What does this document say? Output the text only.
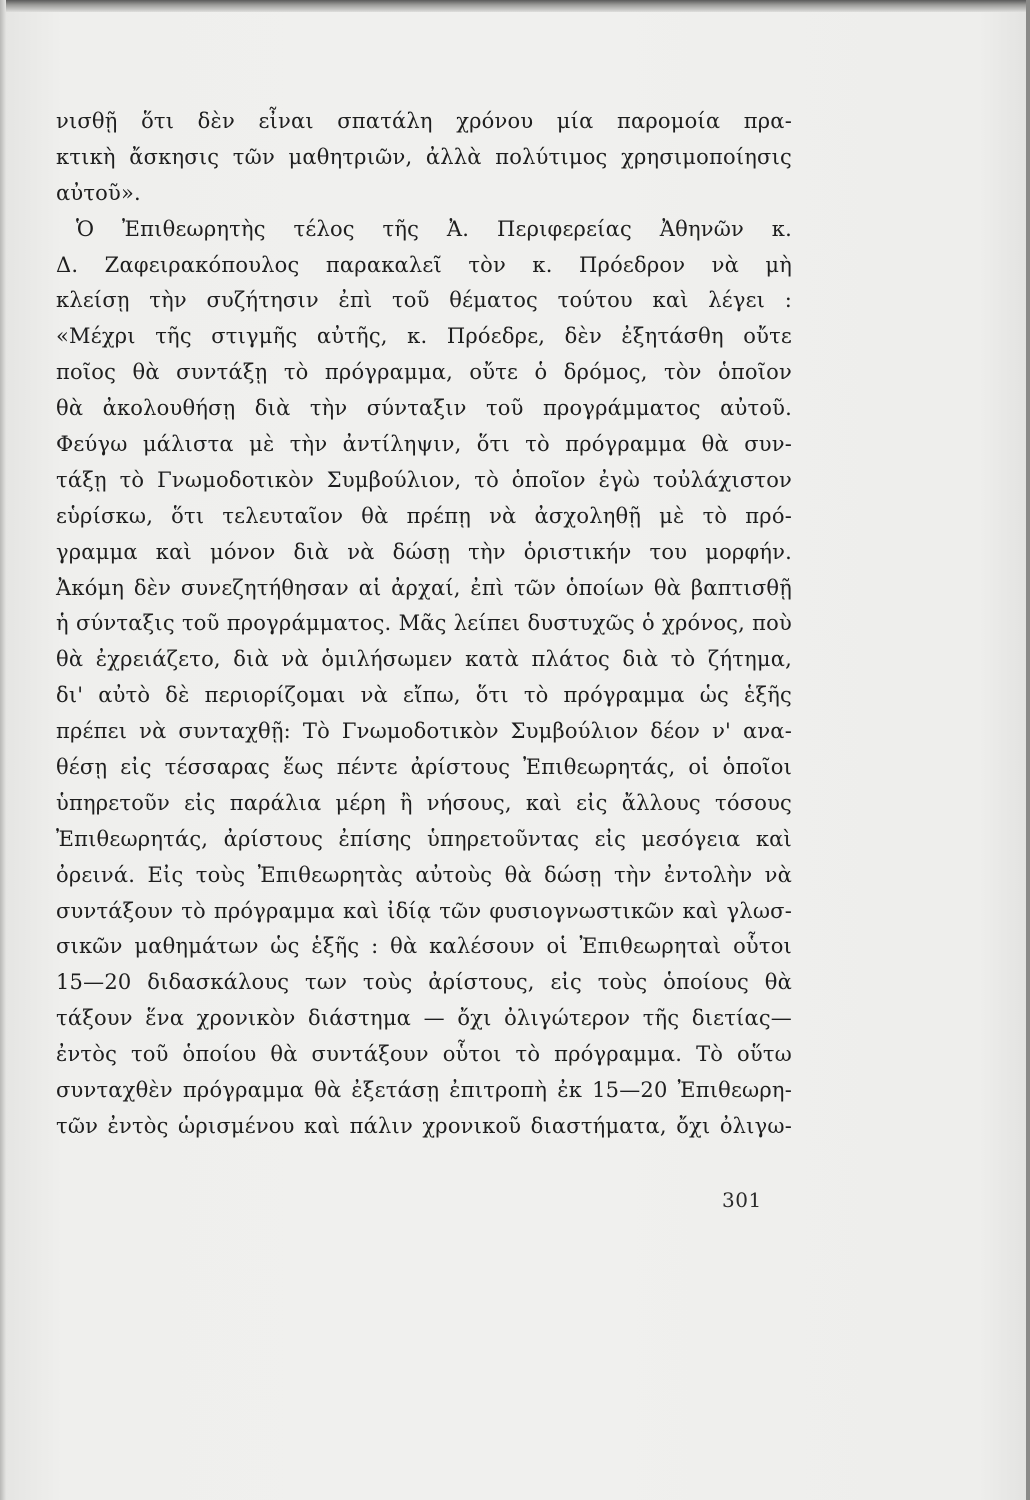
νισθῇ ὅτι δὲν εἶναι σπατάλη χρόνου μία παρομοία πρα-
κτικὴ ἄσκησις τῶν μαθητριῶν, ἀλλὰ πολύτιμος χρησιμοποίησις
αὐτοῦ».
Ὁ Ἐπιθεωρητὴς τέλος τῆς Ἀ. Περιφερείας Ἀθηνῶν κ.
Δ. Ζαφειρακόπουλος παρακαλεῖ τὸν κ. Πρόεδρον νὰ μὴ
κλείσῃ τὴν συζήτησιν ἐπὶ τοῦ θέματος τούτου καὶ λέγει :
«Μέχρι τῆς στιγμῆς αὐτῆς, κ. Πρόεδρε, δὲν ἐξητάσθη οὔτε
ποῖος θὰ συντάξῃ τὸ πρόγραμμα, οὔτε ὁ δρόμος, τὸν ὁποῖον
θὰ ἀκολουθήσῃ διὰ τὴν σύνταξιν τοῦ προγράμματος αὐτοῦ.
Φεύγω μάλιστα μὲ τὴν ἀντίληψιν, ὅτι τὸ πρόγραμμα θὰ συν-
τάξῃ τὸ Γνωμοδοτικὸν Συμβούλιον, τὸ ὁποῖον ἐγὼ τοὐλάχιστον
εὑρίσκω, ὅτι τελευταῖον θὰ πρέπῃ νὰ ἀσχοληθῇ μὲ τὸ πρό-
γραμμα καὶ μόνον διὰ νὰ δώσῃ τὴν ὁριστικήν του μορφήν.
Ἀκόμη δὲν συνεζητήθησαν αἱ ἀρχαί, ἐπὶ τῶν ὁποίων θὰ βαπτισθῇ
ἡ σύνταξις τοῦ προγράμματος. Μᾶς λείπει δυστυχῶς ὁ χρόνος, ποὺ
θὰ ἐχρειάζετο, διὰ νὰ ὁμιλήσωμεν κατὰ πλάτος διὰ τὸ ζήτημα,
δι' αὐτὸ δὲ περιορίζομαι νὰ εἴπω, ὅτι τὸ πρόγραμμα ὡς ἑξῆς
πρέπει νὰ συνταχθῇ: Τὸ Γνωμοδοτικὸν Συμβούλιον δέον ν' ανα-
θέσῃ εἰς τέσσαρας ἕως πέντε ἀρίστους Ἐπιθεωρητάς, οἱ ὁποῖοι
ὑπηρετοῦν εἰς παράλια μέρη ἢ νήσους, καὶ εἰς ἄλλους τόσους
Ἐπιθεωρητάς, ἀρίστους ἐπίσης ὑπηρετοῦντας εἰς μεσόγεια καὶ
ὀρεινά. Εἰς τοὺς Ἐπιθεωρητὰς αὐτοὺς θὰ δώσῃ τὴν ἐντολὴν νὰ
συντάξουν τὸ πρόγραμμα καὶ ἰδίᾳ τῶν φυσιογνωστικῶν καὶ γλωσ-
σικῶν μαθημάτων ὡς ἑξῆς : θὰ καλέσουν οἱ Ἐπιθεωρηταὶ οὗτοι
15—20 διδασκάλους των τοὺς ἀρίστους, εἰς τοὺς ὁποίους θὰ
τάξουν ἕνα χρονικὸν διάστημα — ὄχι ὀλιγώτερον τῆς διετίας—
ἐντὸς τοῦ ὁποίου θὰ συντάξουν οὗτοι τὸ πρόγραμμα. Τὸ οὕτω
συνταχθὲν πρόγραμμα θὰ ἐξετάσῃ ἐπιτροπὴ ἐκ 15—20 Ἐπιθεωρη-
τῶν ἐντὸς ὡρισμένου καὶ πάλιν χρονικοῦ διαστήματα, ὄχι ὀλιγω-
301
